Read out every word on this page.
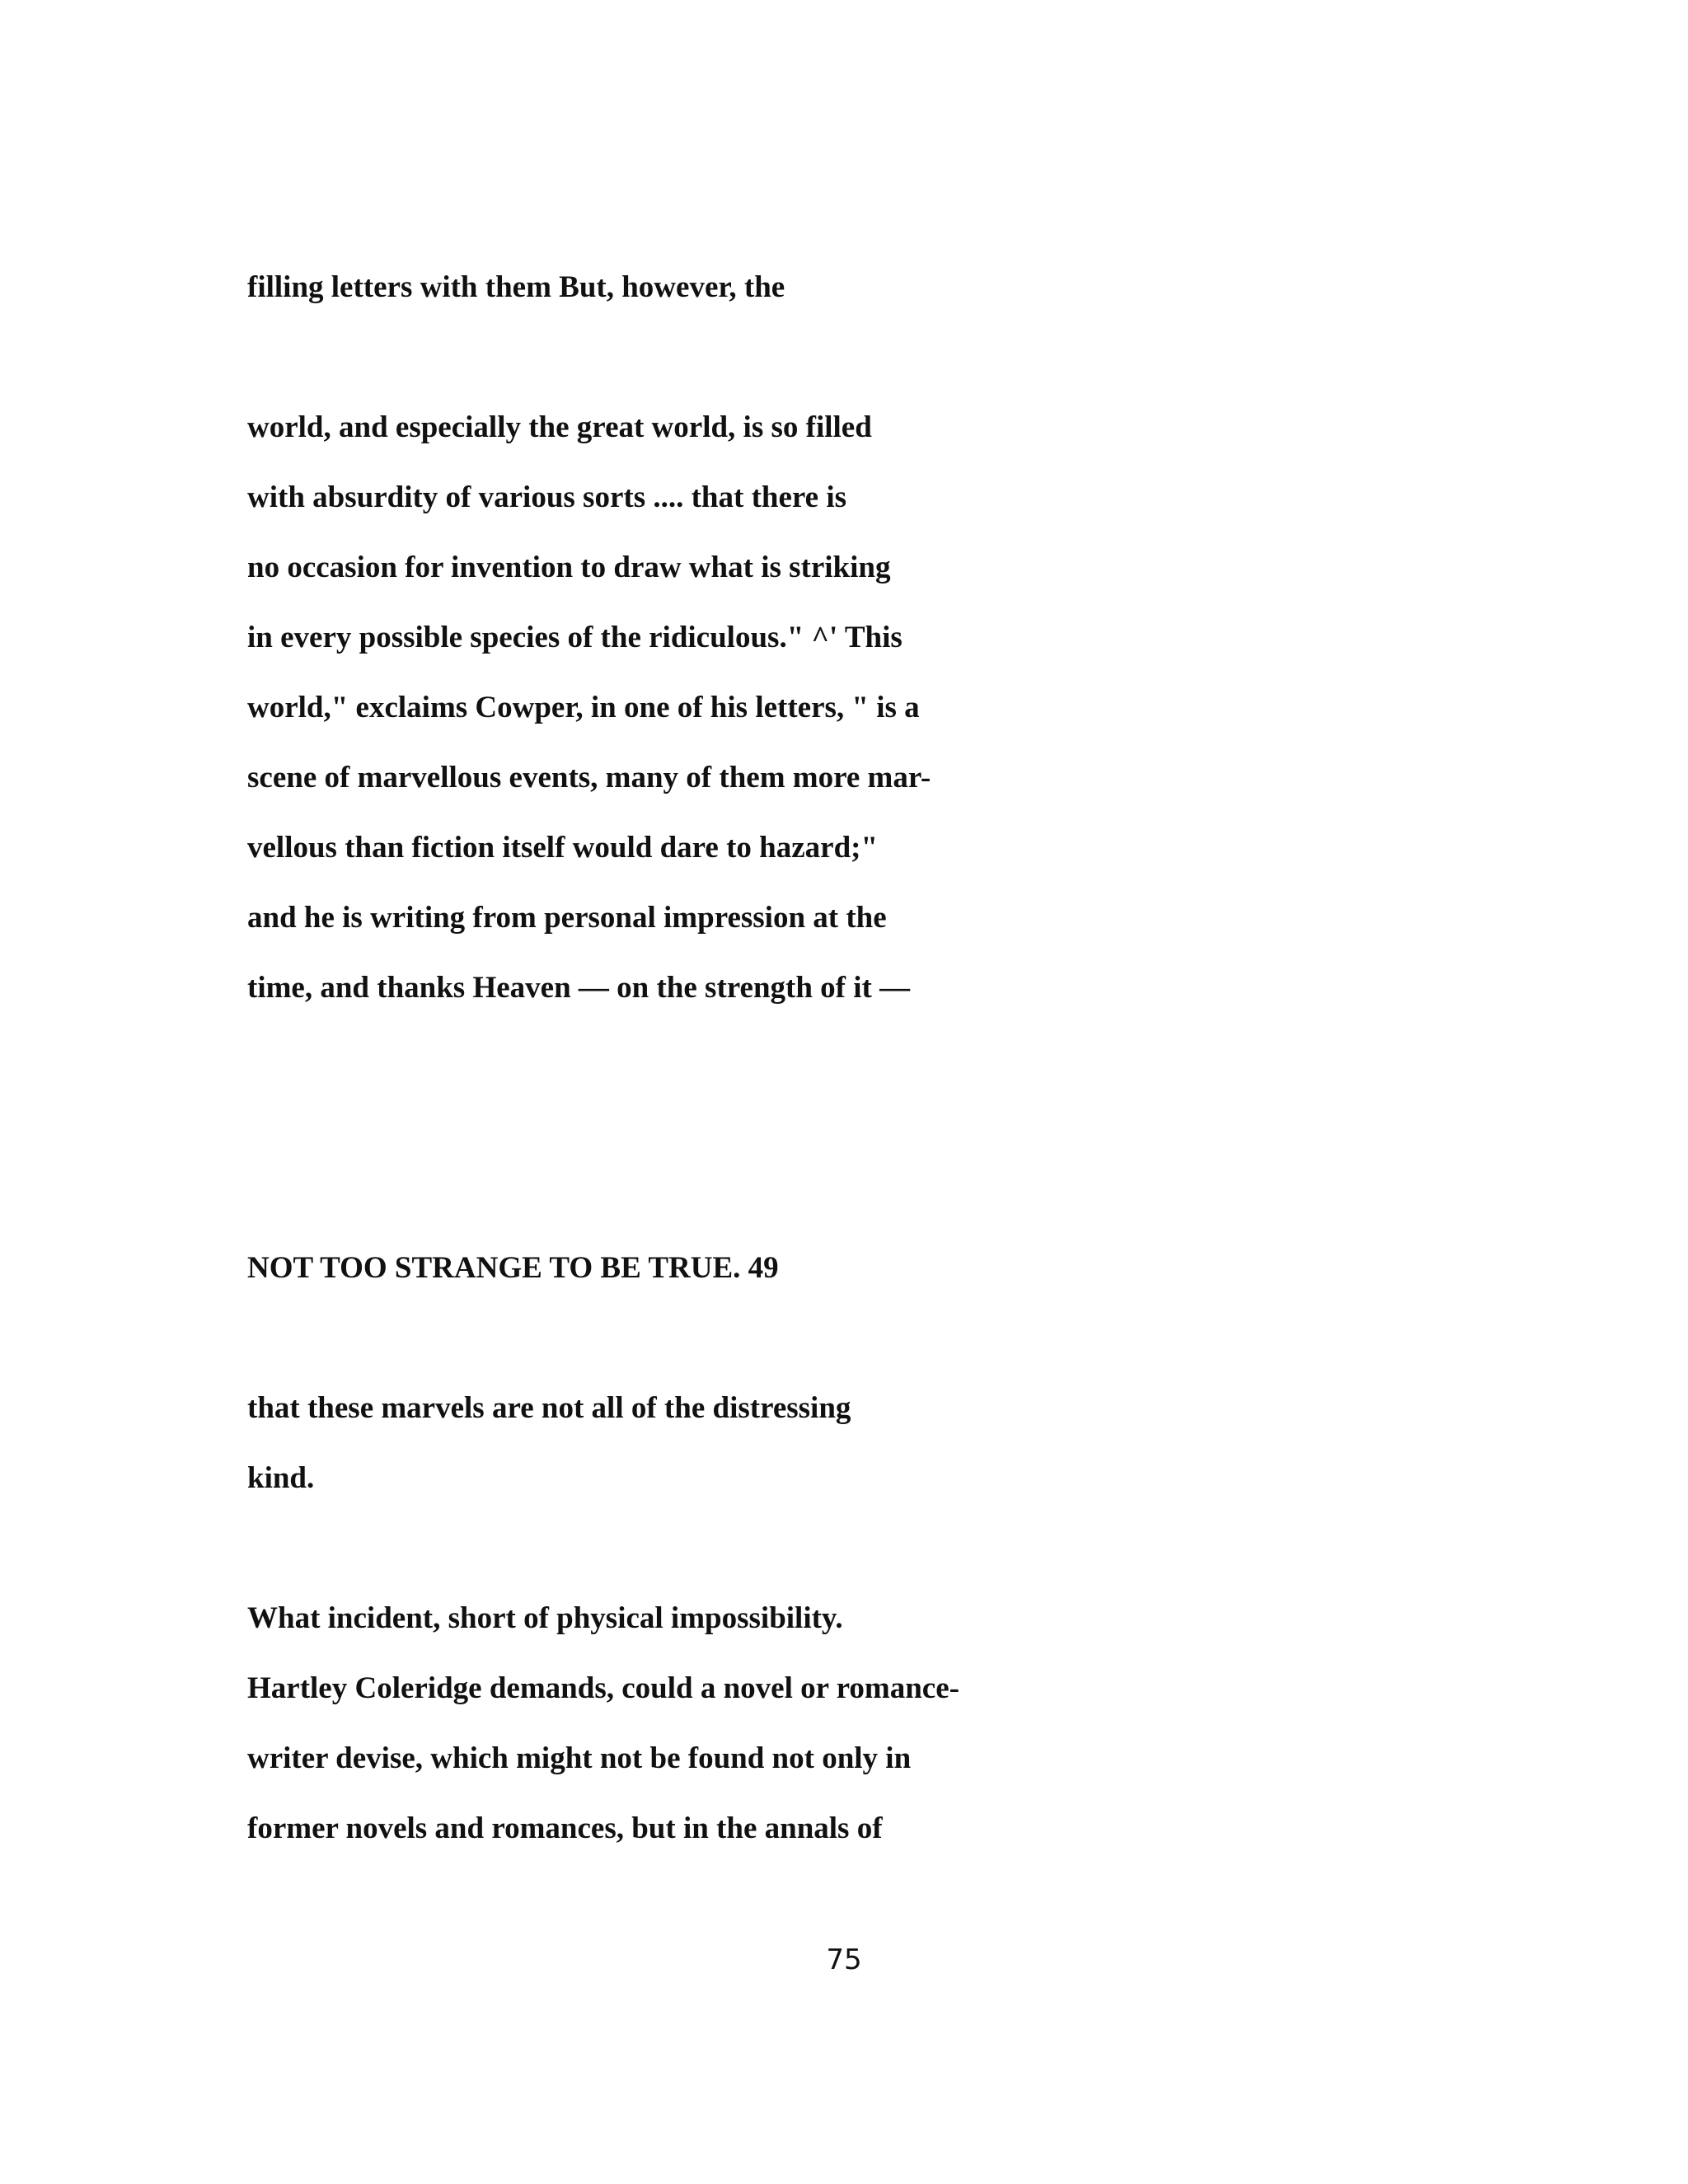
filling letters with them But, however, the

world, and especially the great world, is so filled

with absurdity of various sorts .... that there is

no occasion for invention to draw what is striking

in every possible species of the ridiculous." ^' This

world," exclaims Cowper, in one of his letters, " is a

scene of marvellous events, many of them more mar-

vellous than fiction itself would dare to hazard;"

and he is writing from personal impression at the

time, and thanks Heaven — on the strength of it —

NOT TOO STRANGE TO BE TRUE. 49

that these marvels are not all of the distressing

kind.

What incident, short of physical impossibility.

Hartley Coleridge demands, could a novel or romance-

writer devise, which might not be found not only in

former novels and romances, but in the annals of

75
